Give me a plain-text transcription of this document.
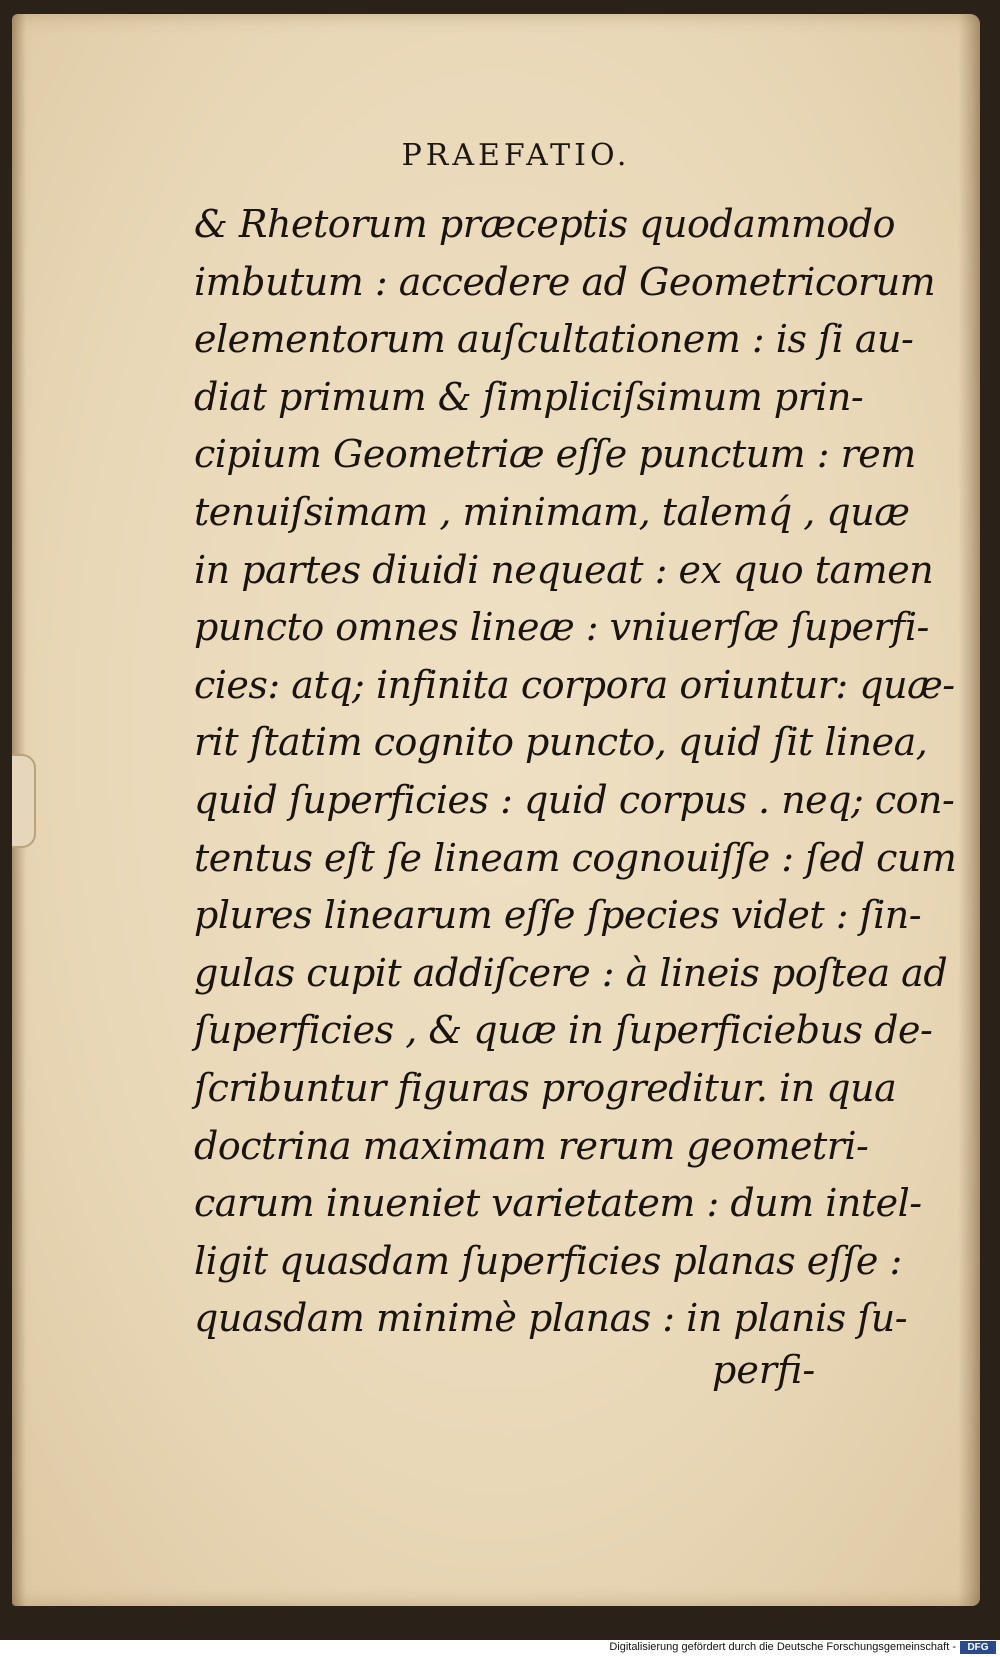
PRAEFATIO.
& Rhetorum præceptis quodammodo
imbutum : accedere ad Geometricorum
elementorum auſcultationem : is ſi au-
diat primum & ſimpliciſsimum prin-
cipium Geometriæ eſſe punctum : rem
tenuiſsimam , minimam, talemq́ , quæ
in partes diuidi nequeat : ex quo tamen
puncto omnes lineæ : vniuerſæ ſuperfi-
cies: atq; infinita corpora oriuntur: quæ-
rit ſtatim cognito puncto, quid ſit linea,
quid ſuperficies : quid corpus . neq; con-
tentus eſt ſe lineam cognouiſſe : ſed cum
plures linearum eſſe ſpecies videt : ſin-
gulas cupit addiſcere : à lineis poſtea ad
ſuperficies , & quæ in ſuperficiebus de-
ſcribuntur figuras progreditur. in qua
doctrina maximam rerum geometri-
carum inueniet varietatem : dum intel-
ligit quasdam ſuperficies planas eſſe :
quasdam minimè planas : in planis ſu-
perfi-
Digitalisierung gefördert durch die Deutsche Forschungsgemeinschaft -	DFG
